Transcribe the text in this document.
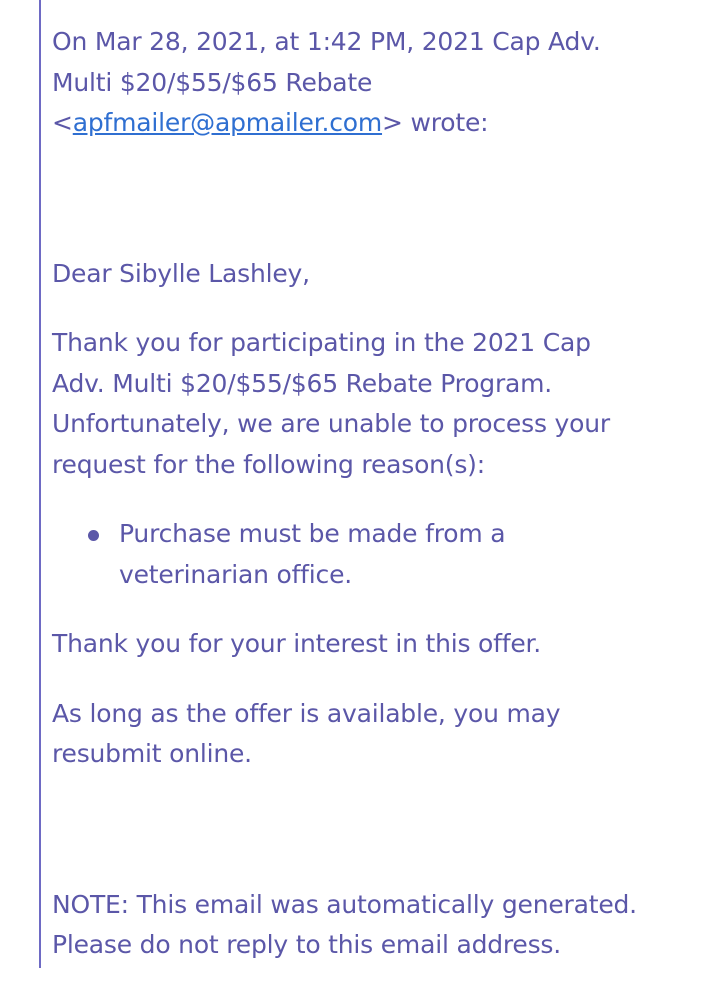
On Mar 28, 2021, at 1:42 PM, 2021 Cap Adv.
Multi $20/$55/$65 Rebate
<apfmailer@apmailer.com> wrote:
Dear Sibylle Lashley,
Thank you for participating in the 2021 Cap
Adv. Multi $20/$55/$65 Rebate Program.
Unfortunately, we are unable to process your
request for the following reason(s):
Purchase must be made from a
veterinarian office.
Thank you for your interest in this offer.
As long as the offer is available, you may
resubmit online.
NOTE: This email was automatically generated.
Please do not reply to this email address.
